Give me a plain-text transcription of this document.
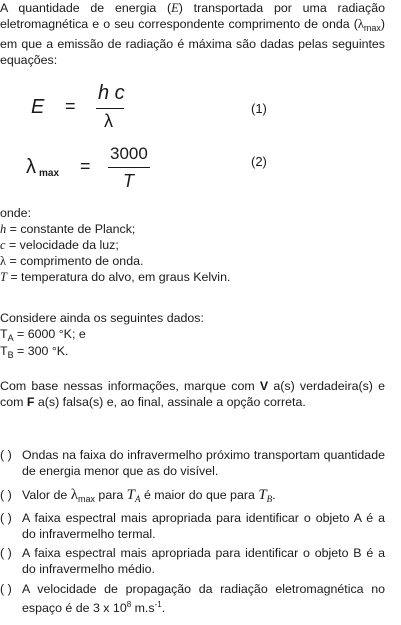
A quantidade de energia (E) transportada por uma radiação eletromagnética e o seu correspondente comprimento de onda $(\lambda_{max})$ em que a emissão de radiação é máxima são dadas pelas seguintes equações:
E =
h c
λ
(1)
λ max =
3000
T
(2)
onde:
h = constante de Planck;
c = velocidade da luz;
λ = comprimento de onda.
T = temperatura do alvo, em graus Kelvin.
Considere ainda os seguintes dados:
$T_A = 6000$ °K; e
$T_B = 300$ °K.
Com base nessas informações, marque com V a(s) verdadeira(s) e com F a(s) falsa(s) e, ao final, assinale a opção correta.
( ) Ondas na faixa do infravermelho próximo transportam quantidade de energia menor que as do visível.
( ) Valor de $\lambda_{max}$ para $T_A$ é maior do que para $T_B$.
( ) A faixa espectral mais apropriada para identificar o objeto A é a do infravermelho termal.
( ) A faixa espectral mais apropriada para identificar o objeto B é a do infravermelho médio.
( ) A velocidade de propagação da radiação eletromagnética no espaço é de 3 x $10^8$ $m.s^{-1}$.
